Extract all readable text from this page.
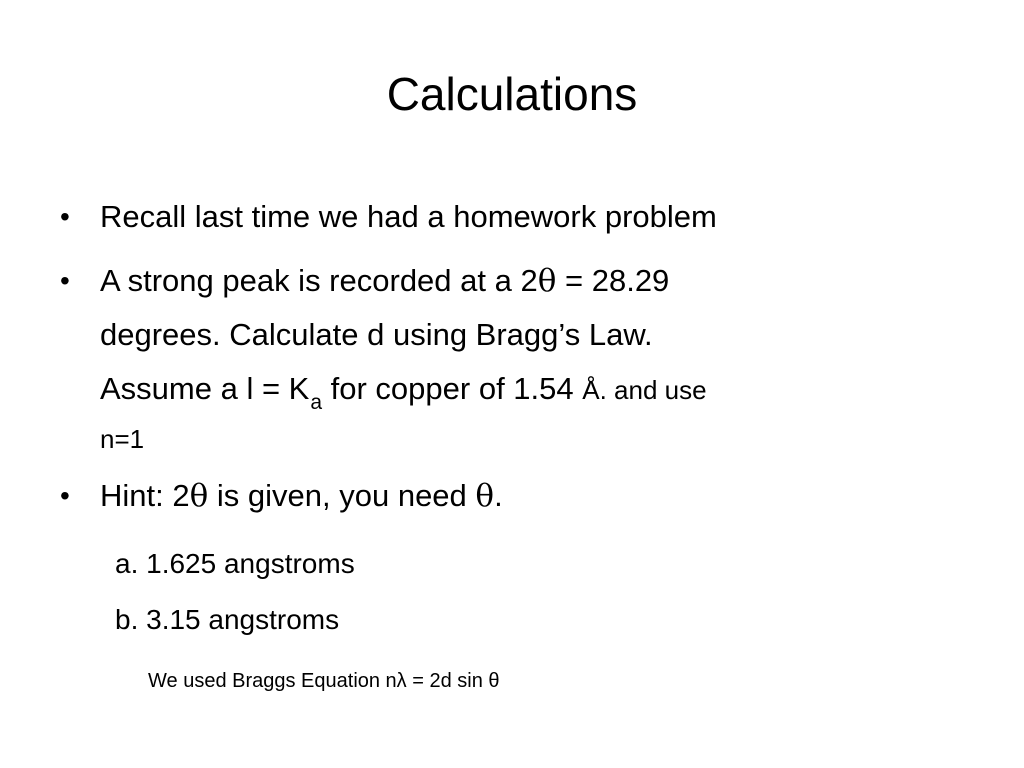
Calculations
• Recall last time we had a homework problem
• A strong peak is recorded at a 2θ = 28.29
degrees. Calculate d using Bragg’s Law.
Assume a $l = K_a$ for copper of 1.54 Å. and use
n=1
• Hint: 2θ is given, you need θ.
a. 1.625 angstroms
b. 3.15 angstroms
We used Braggs Equation nλ = 2d sin θ
